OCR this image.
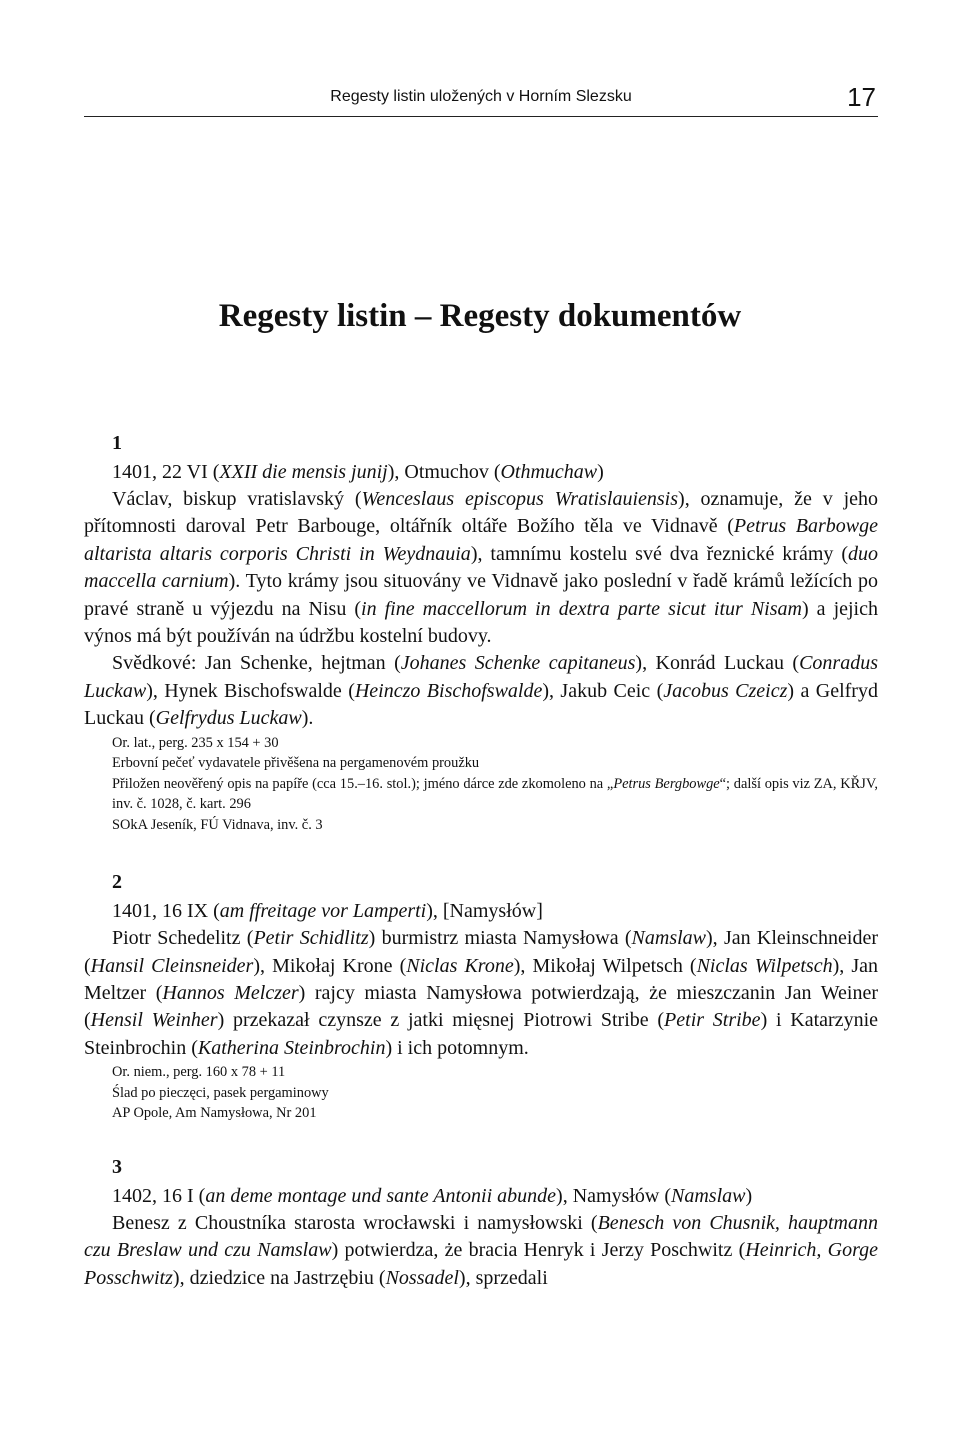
Regesty listin uložených v Horním Slezsku	17
Regesty listin – Regesty dokumentów
1
1401, 22 VI (XXII die mensis junij), Otmuchov (Othmuchaw)

Václav, biskup vratislavský (Wenceslaus episcopus Wratislauiensis), oznamuje, že v jeho přítomnosti daroval Petr Barbouge, oltářník oltáře Božího těla ve Vidnavě (Petrus Barbowge altarista altaris corporis Christi in Weydnauia), tamnímu kostelu své dva řeznické krámy (duo maccella carnium). Tyto krámy jsou situovány ve Vidnavě jako poslední v řadě krámů ležících po pravé straně u výjezdu na Nisu (in fine maccellorum in dextra parte sicut itur Nisam) a jejich výnos má být používán na údržbu kostelní budovy.

Svědkové: Jan Schenke, hejtman (Johanes Schenke capitaneus), Konrád Luckau (Conradus Luckaw), Hynek Bischofswalde (Heinczo Bischofswalde), Jakub Ceic (Jacobus Czeicz) a Gelfryd Luckau (Gelfrydus Luckaw).

Or. lat., perg. 235 x 154 + 30
Erbovní pečeť vydavatele přivěšena na pergamenovém proužku
Přiložen neověřený opis na papíře (cca 15.–16. stol.); jméno dárce zde zkomoleno na „Petrus Bergbowge“; další opis viz ZA, KŘJV, inv. č. 1028, č. kart. 296
SOkA Jeseník, FÚ Vidnava, inv. č. 3
2
1401, 16 IX (am ffreitage vor Lamperti), [Namysłów]

Piotr Schedelitz (Petir Schidlitz) burmistrz miasta Namysłowa (Namslaw), Jan Kleinschneider (Hansil Cleinsneider), Mikołaj Krone (Niclas Krone), Mikołaj Wilpetsch (Niclas Wilpetsch), Jan Meltzer (Hannos Melczer) rajcy miasta Namysłowa potwierdzają, że mieszczanin Jan Weiner (Hensil Weinher) przekazał czynsze z jatki mięsnej Piotrowi Stribe (Petir Stribe) i Katarzynie Steinbrochin (Katherina Steinbrochin) i ich potomnym.

Or. niem., perg. 160 x 78 + 11
Ślad po pieczęci, pasek pergaminowy
AP Opole, Am Namysłowa, Nr 201
3
1402, 16 I (an deme montage und sante Antonii abunde), Namysłów (Namslaw)

Benesz z Choustníka starosta wrocławski i namysłowski (Benesch von Chusnik, hauptmann czu Breslaw und czu Namslaw) potwierdza, że bracia Henryk i Jerzy Poschwitz (Heinrich, Gorge Posschwitz), dziedzice na Jastrzębiu (Nossadel), sprzedali
